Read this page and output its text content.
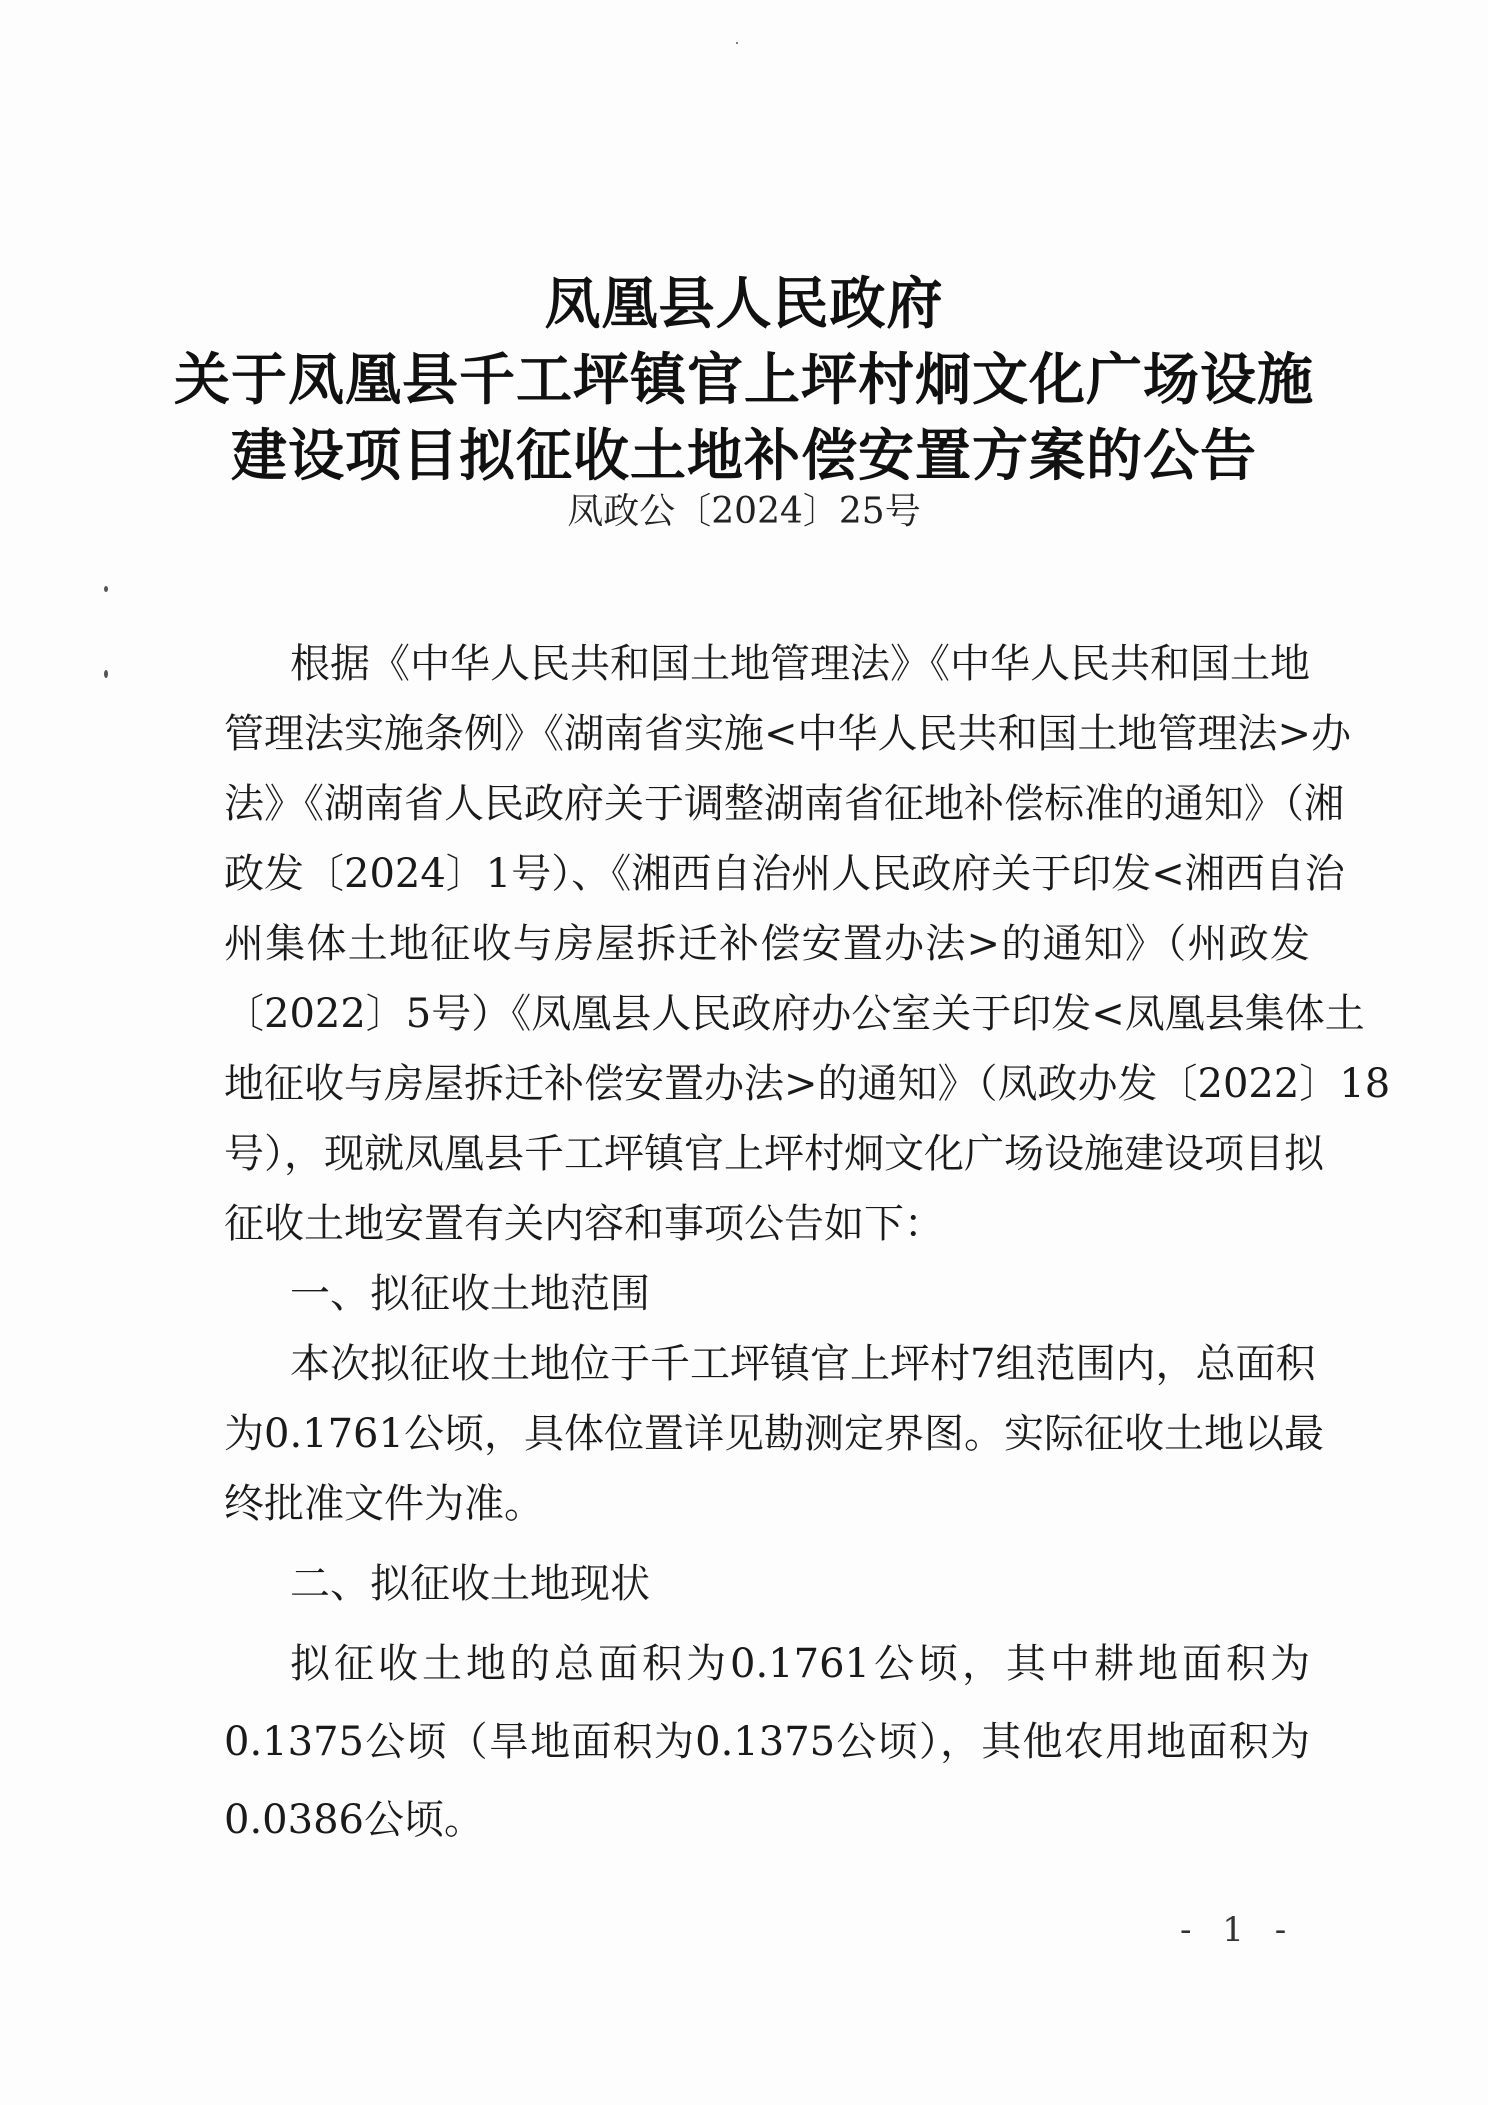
凤凰县人民政府
关于凤凰县千工坪镇官上坪村炯文化广场设施
建设项目拟征收土地补偿安置方案的公告
凤政公〔2024〕25号
根据《中华人民共和国土地管理法》《中华人民共和国土地
管理法实施条例》《湖南省实施<中华人民共和国土地管理法>办
法》《湖南省人民政府关于调整湖南省征地补偿标准的通知》（湘
政发〔2024〕1号）、《湘西自治州人民政府关于印发<湘西自治
州集体土地征收与房屋拆迁补偿安置办法>的通知》（州政发
〔2022〕5号）《凤凰县人民政府办公室关于印发<凤凰县集体土
地征收与房屋拆迁补偿安置办法>的通知》（凤政办发〔2022〕18
号），现就凤凰县千工坪镇官上坪村炯文化广场设施建设项目拟
征收土地安置有关内容和事项公告如下：
一、拟征收土地范围
本次拟征收土地位于千工坪镇官上坪村7组范围内，总面积
为0.1761公顷，具体位置详见勘测定界图。实际征收土地以最
终批准文件为准。
二、拟征收土地现状
拟征收土地的总面积为0.1761公顷，其中耕地面积为
0.1375公顷（旱地面积为0.1375公顷），其他农用地面积为
0.0386公顷。
- 1 -
